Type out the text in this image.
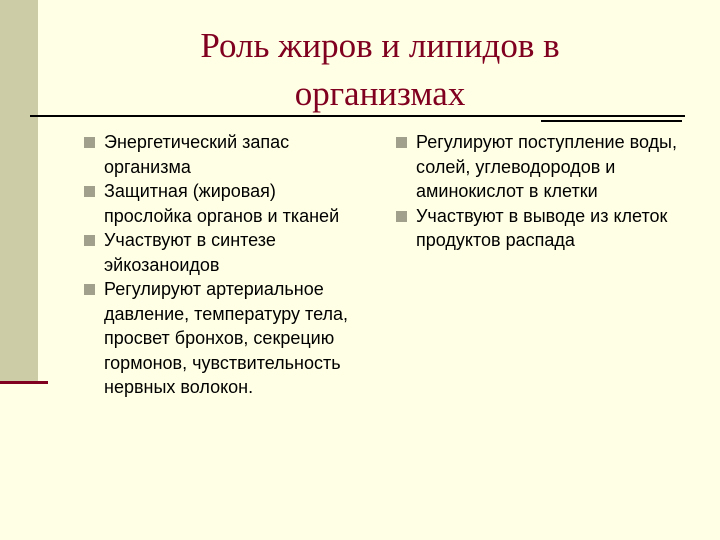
Роль жиров и липидов в организмах
Энергетический запас организма
Защитная (жировая) прослойка органов и тканей
Участвуют в синтезе эйкозаноидов
Регулируют артериальное давление, температуру тела, просвет бронхов, секрецию гормонов, чувствительность нервных волокон.
Регулируют поступление воды, солей, углеводородов и аминокислот в клетки
Участвуют в выводе из клеток продуктов распада
